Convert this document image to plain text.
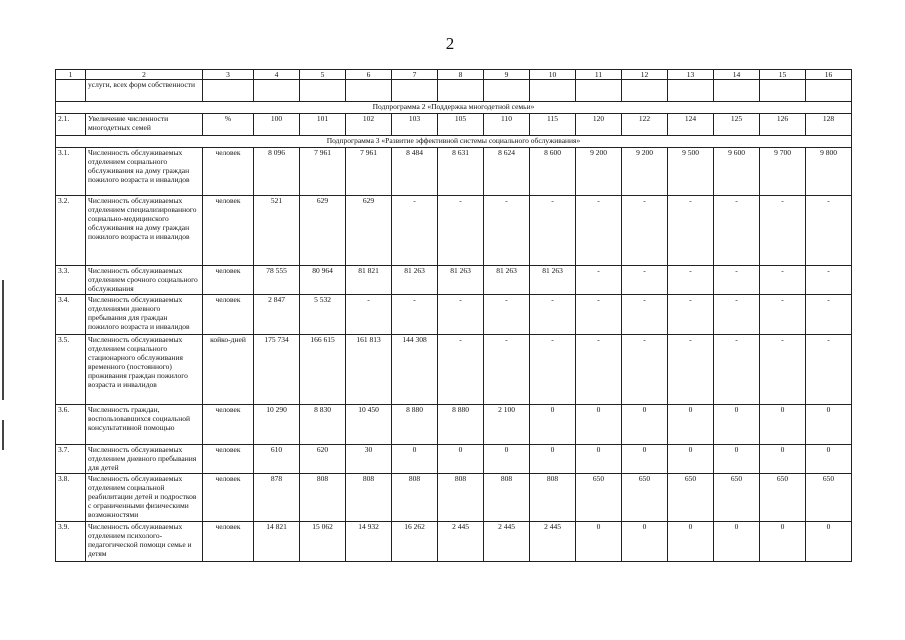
2
1	2	3	4	5	6	7	8	9	10	11	12	13	14	15	16
	услуги, всех форм собственности														
Подпрограмма 2 «Поддержка многодетной семьи»															
2.1.	Увеличение численности многодетных семей	%	100	101	102	103	105	110	115	120	122	124	125	126	128
Подпрограмма 3 «Развитие эффективной системы социального обслуживания»															
3.1.	Численность обслуживаемых отделением социального обслуживания на дому граждан пожилого возраста и инвалидов	человек	8 096	7 961	7 961	8 484	8 631	8 624	8 600	9 200	9 200	9 500	9 600	9 700	9 800
3.2.	Численность обслуживаемых отделением специализированного социально-медицинского обслуживания на дому граждан пожилого возраста и инвалидов	человек	521	629	629	-	-	-	-	-	-	-	-	-	-
3.3.	Численность обслуживаемых отделением срочного социального обслуживания	человек	78 555	80 964	81 821	81 263	81 263	81 263	81 263	-	-	-	-	-	-
3.4.	Численность обслуживаемых отделениями дневного пребывания для граждан пожилого возраста и инвалидов	человек	2 847	5 532	-	-	-	-	-	-	-	-	-	-	-
3.5.	Численность обслуживаемых отделением социального стационарного обслуживания временного (постоянного) проживания граждан пожилого возраста и инвалидов	койко-дней	175 734	166 615	161 813	144 308	-	-	-	-	-	-	-	-	-
3.6.	Численность граждан, воспользовавшихся социальной консультативной помощью	человек	10 290	8 830	10 450	8 880	8 880	2 100	0	0	0	0	0	0	0
3.7.	Численность обслуживаемых отделением дневного пребывания для детей	человек	610	620	30	0	0	0	0	0	0	0	0	0	0
3.8.	Численность обслуживаемых отделением социальной реабилитации детей и подростков с ограниченными физическими возможностями	человек	878	808	808	808	808	808	808	650	650	650	650	650	650
3.9.	Численность обслуживаемых отделением психолого-педагогической помощи семье и детям	человек	14 821	15 062	14 932	16 262	2 445	2 445	2 445	0	0	0	0	0	0
